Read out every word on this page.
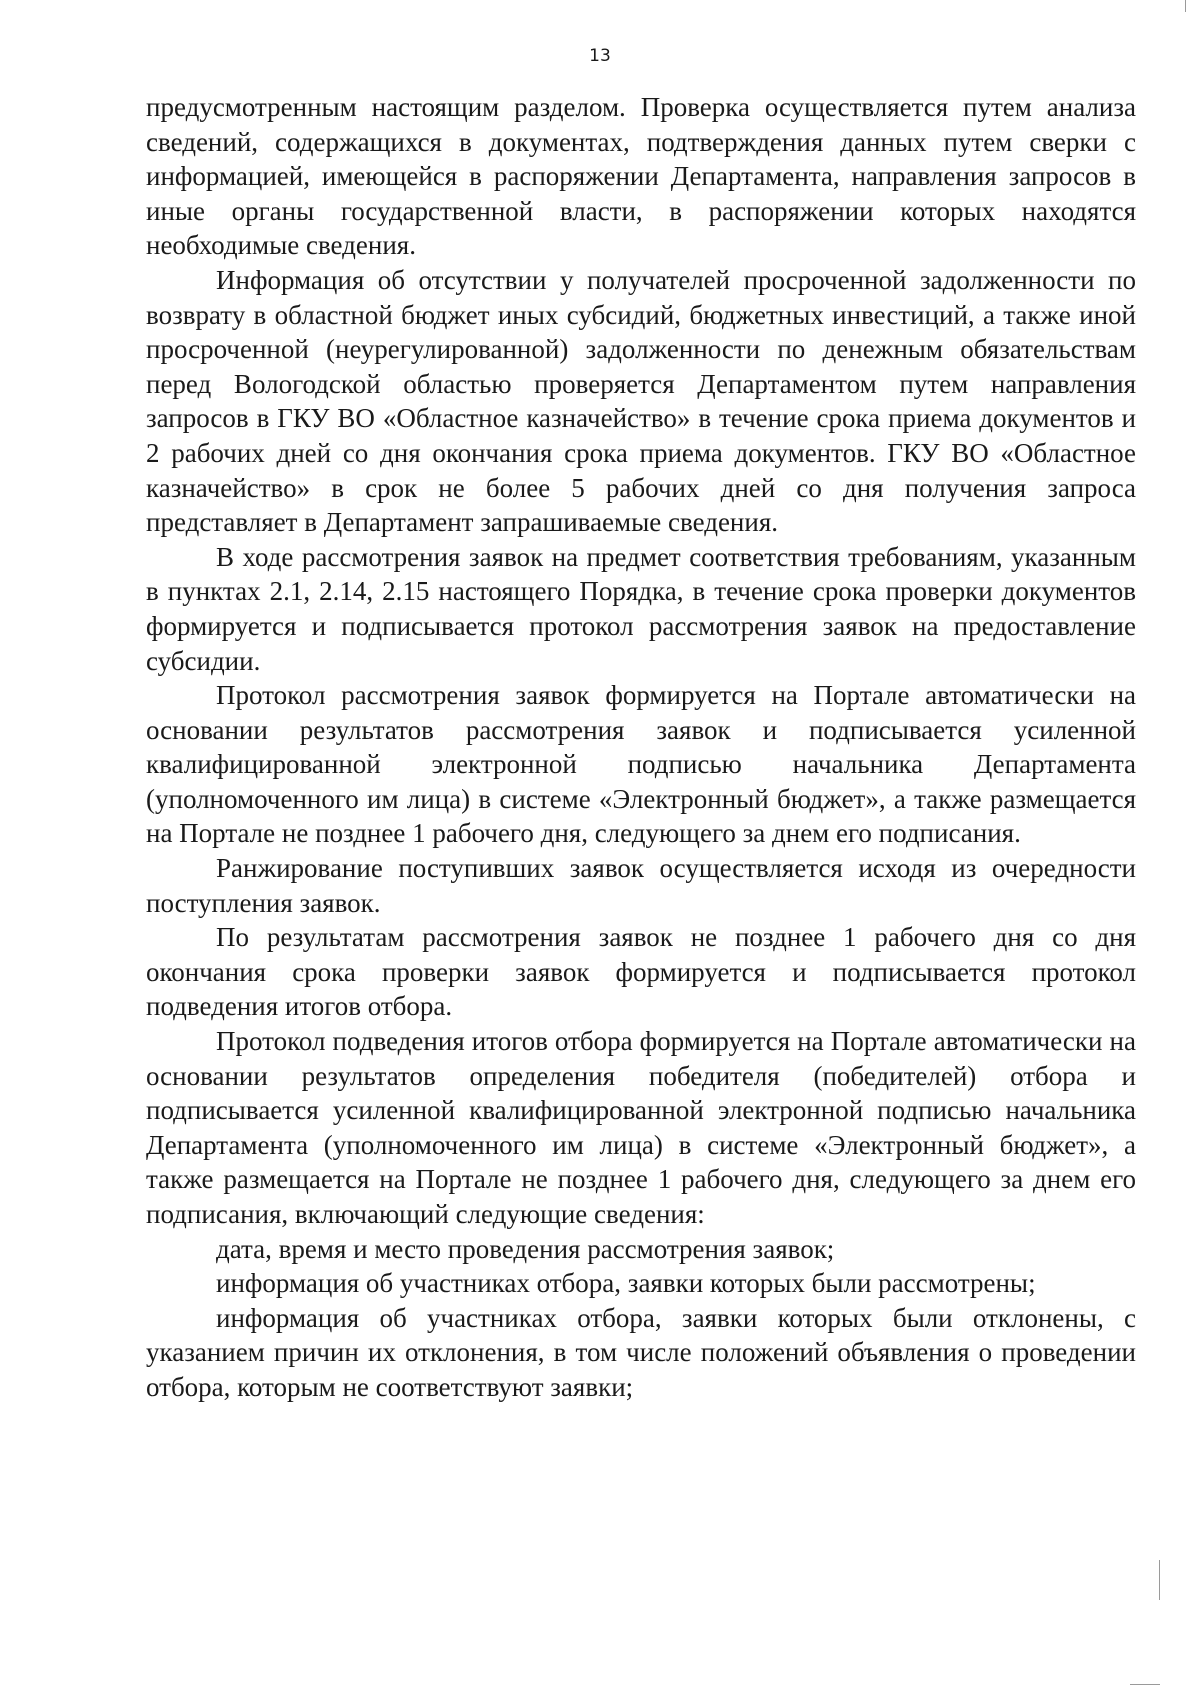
13

предусмотренным настоящим разделом. Проверка осуществляется путем анализа сведений, содержащихся в документах, подтверждения данных путем сверки с информацией, имеющейся в распоряжении Департамента, направления запросов в иные органы государственной власти, в распоряжении которых находятся необходимые сведения.

Информация об отсутствии у получателей просроченной задолженности по возврату в областной бюджет иных субсидий, бюджетных инвестиций, а также иной просроченной (неурегулированной) задолженности по денежным обязательствам перед Вологодской областью проверяется Департаментом путем направления запросов в ГКУ ВО «Областное казначейство» в течение срока приема документов и 2 рабочих дней со дня окончания срока приема документов. ГКУ ВО «Областное казначейство» в срок не более 5 рабочих дней со дня получения запроса представляет в Департамент запрашиваемые сведения.

В ходе рассмотрения заявок на предмет соответствия требованиям, указанным в пунктах 2.1, 2.14, 2.15 настоящего Порядка, в течение срока проверки документов формируется и подписывается протокол рассмотрения заявок на предоставление субсидии.

Протокол рассмотрения заявок формируется на Портале автоматически на основании результатов рассмотрения заявок и подписывается усиленной квалифицированной электронной подписью начальника Департамента (уполномоченного им лица) в системе «Электронный бюджет», а также размещается на Портале не позднее 1 рабочего дня, следующего за днем его подписания.

Ранжирование поступивших заявок осуществляется исходя из очередности поступления заявок.

По результатам рассмотрения заявок не позднее 1 рабочего дня со дня окончания срока проверки заявок формируется и подписывается протокол подведения итогов отбора.

Протокол подведения итогов отбора формируется на Портале автоматически на основании результатов определения победителя (победителей) отбора и подписывается усиленной квалифицированной электронной подписью начальника Департамента (уполномоченного им лица) в системе «Электронный бюджет», а также размещается на Портале не позднее 1 рабочего дня, следующего за днем его подписания, включающий следующие сведения:

дата, время и место проведения рассмотрения заявок;

информация об участниках отбора, заявки которых были рассмотрены;

информация об участниках отбора, заявки которых были отклонены, с указанием причин их отклонения, в том числе положений объявления о проведении отбора, которым не соответствуют заявки;
